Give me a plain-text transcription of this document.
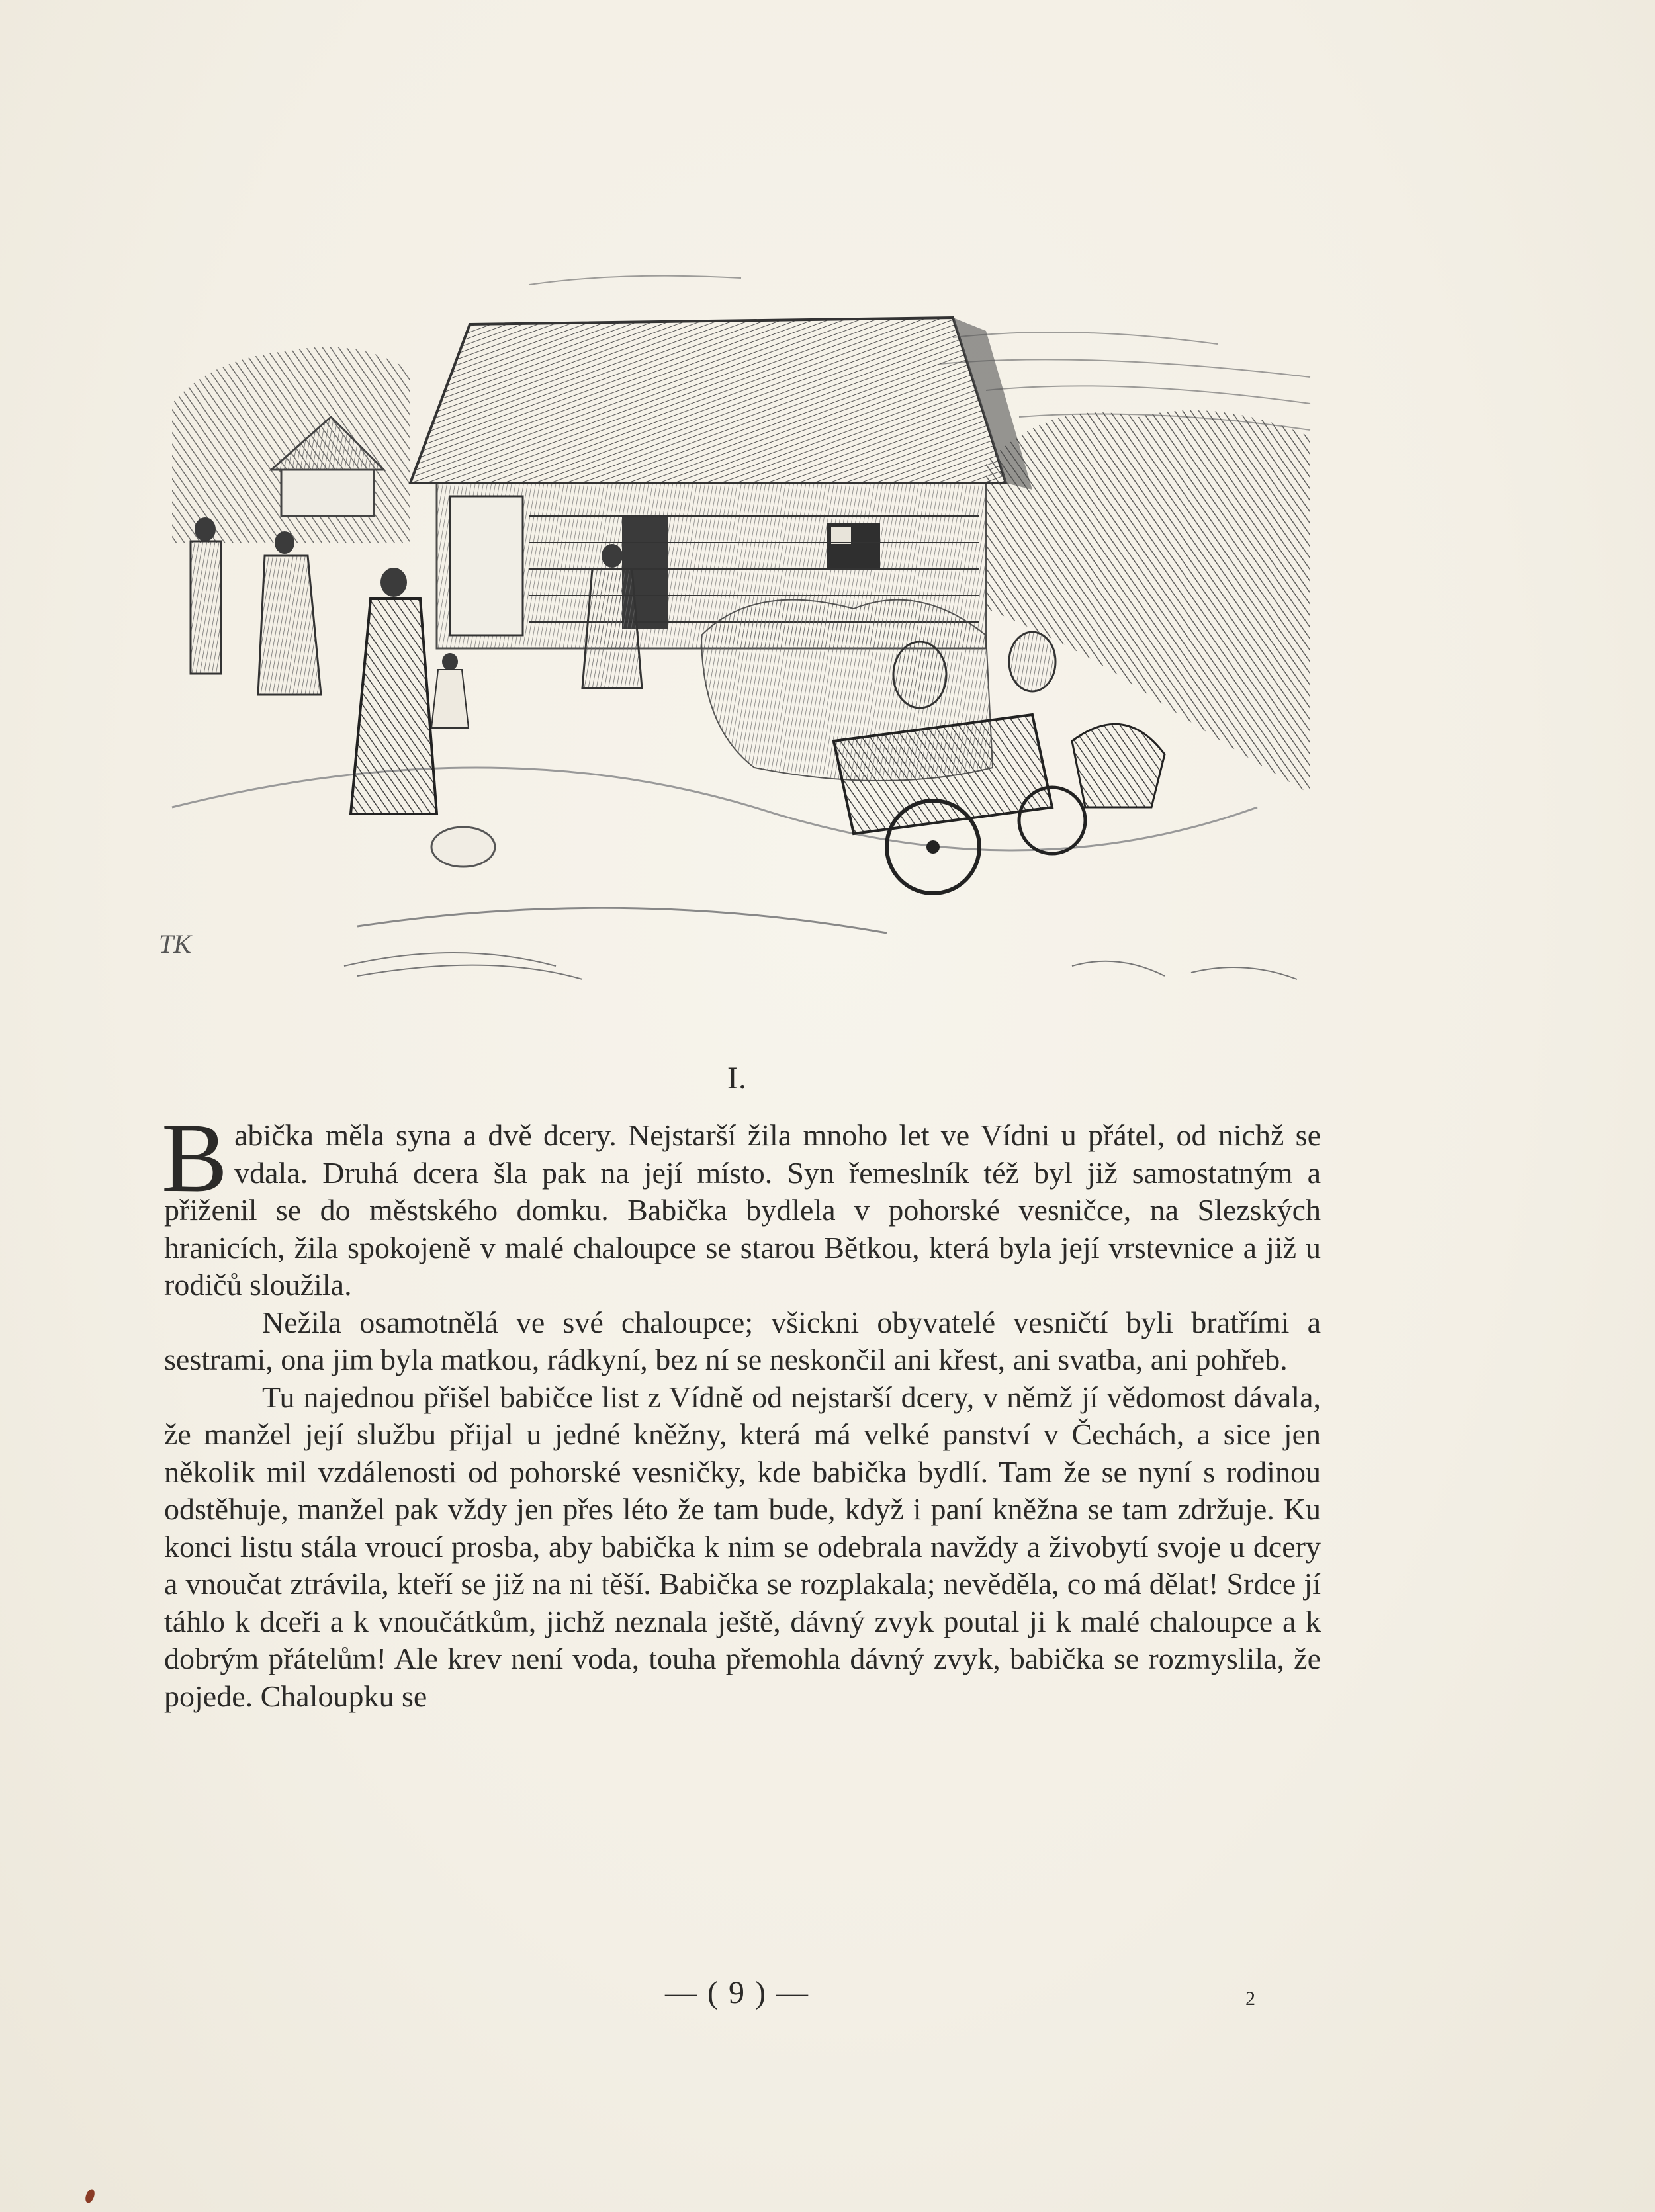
TK
I.

Babička měla syna a dvě dcery. Nejstarší žila mnoho let ve Vídni u přátel, od nichž se vdala. Druhá dcera šla pak na její místo. Syn řemeslník též byl již samostatným a přiženil se do městského domku. Babička bydlela v pohorské vesničce, na Slezských hranicích, žila spokojeně v malé chaloupce se starou Bětkou, která byla její vrstevnice a již u rodičů sloužila.

Nežila osamotnělá ve své chaloupce; všickni obyvatelé vesničtí byli bratřími a sestrami, ona jim byla matkou, rádkyní, bez ní se neskončil ani křest, ani svatba, ani pohřeb.

Tu najednou přišel babičce list z Vídně od nejstarší dcery, v němž jí vědomost dávala, že manžel její službu přijal u jedné kněžny, která má velké panství v Čechách, a sice jen několik mil vzdálenosti od pohorské vesničky, kde babička bydlí. Tam že se nyní s rodinou odstěhuje, manžel pak vždy jen přes léto že tam bude, když i paní kněžna se tam zdržuje. Ku konci listu stála vroucí prosba, aby babička k nim se odebrala navždy a živobytí svoje u dcery a vnoučat ztrávila, kteří se již na ni těší. Babička se rozplakala; nevěděla, co má dělat! Srdce jí táhlo k dceři a k vnoučátkům, jichž neznala ještě, dávný zvyk poutal ji k malé chaloupce a k dobrým přátelům! Ale krev není voda, touha přemohla dávný zvyk, babička se rozmyslila, že pojede. Chaloupku se

— ( 9 ) —	2
